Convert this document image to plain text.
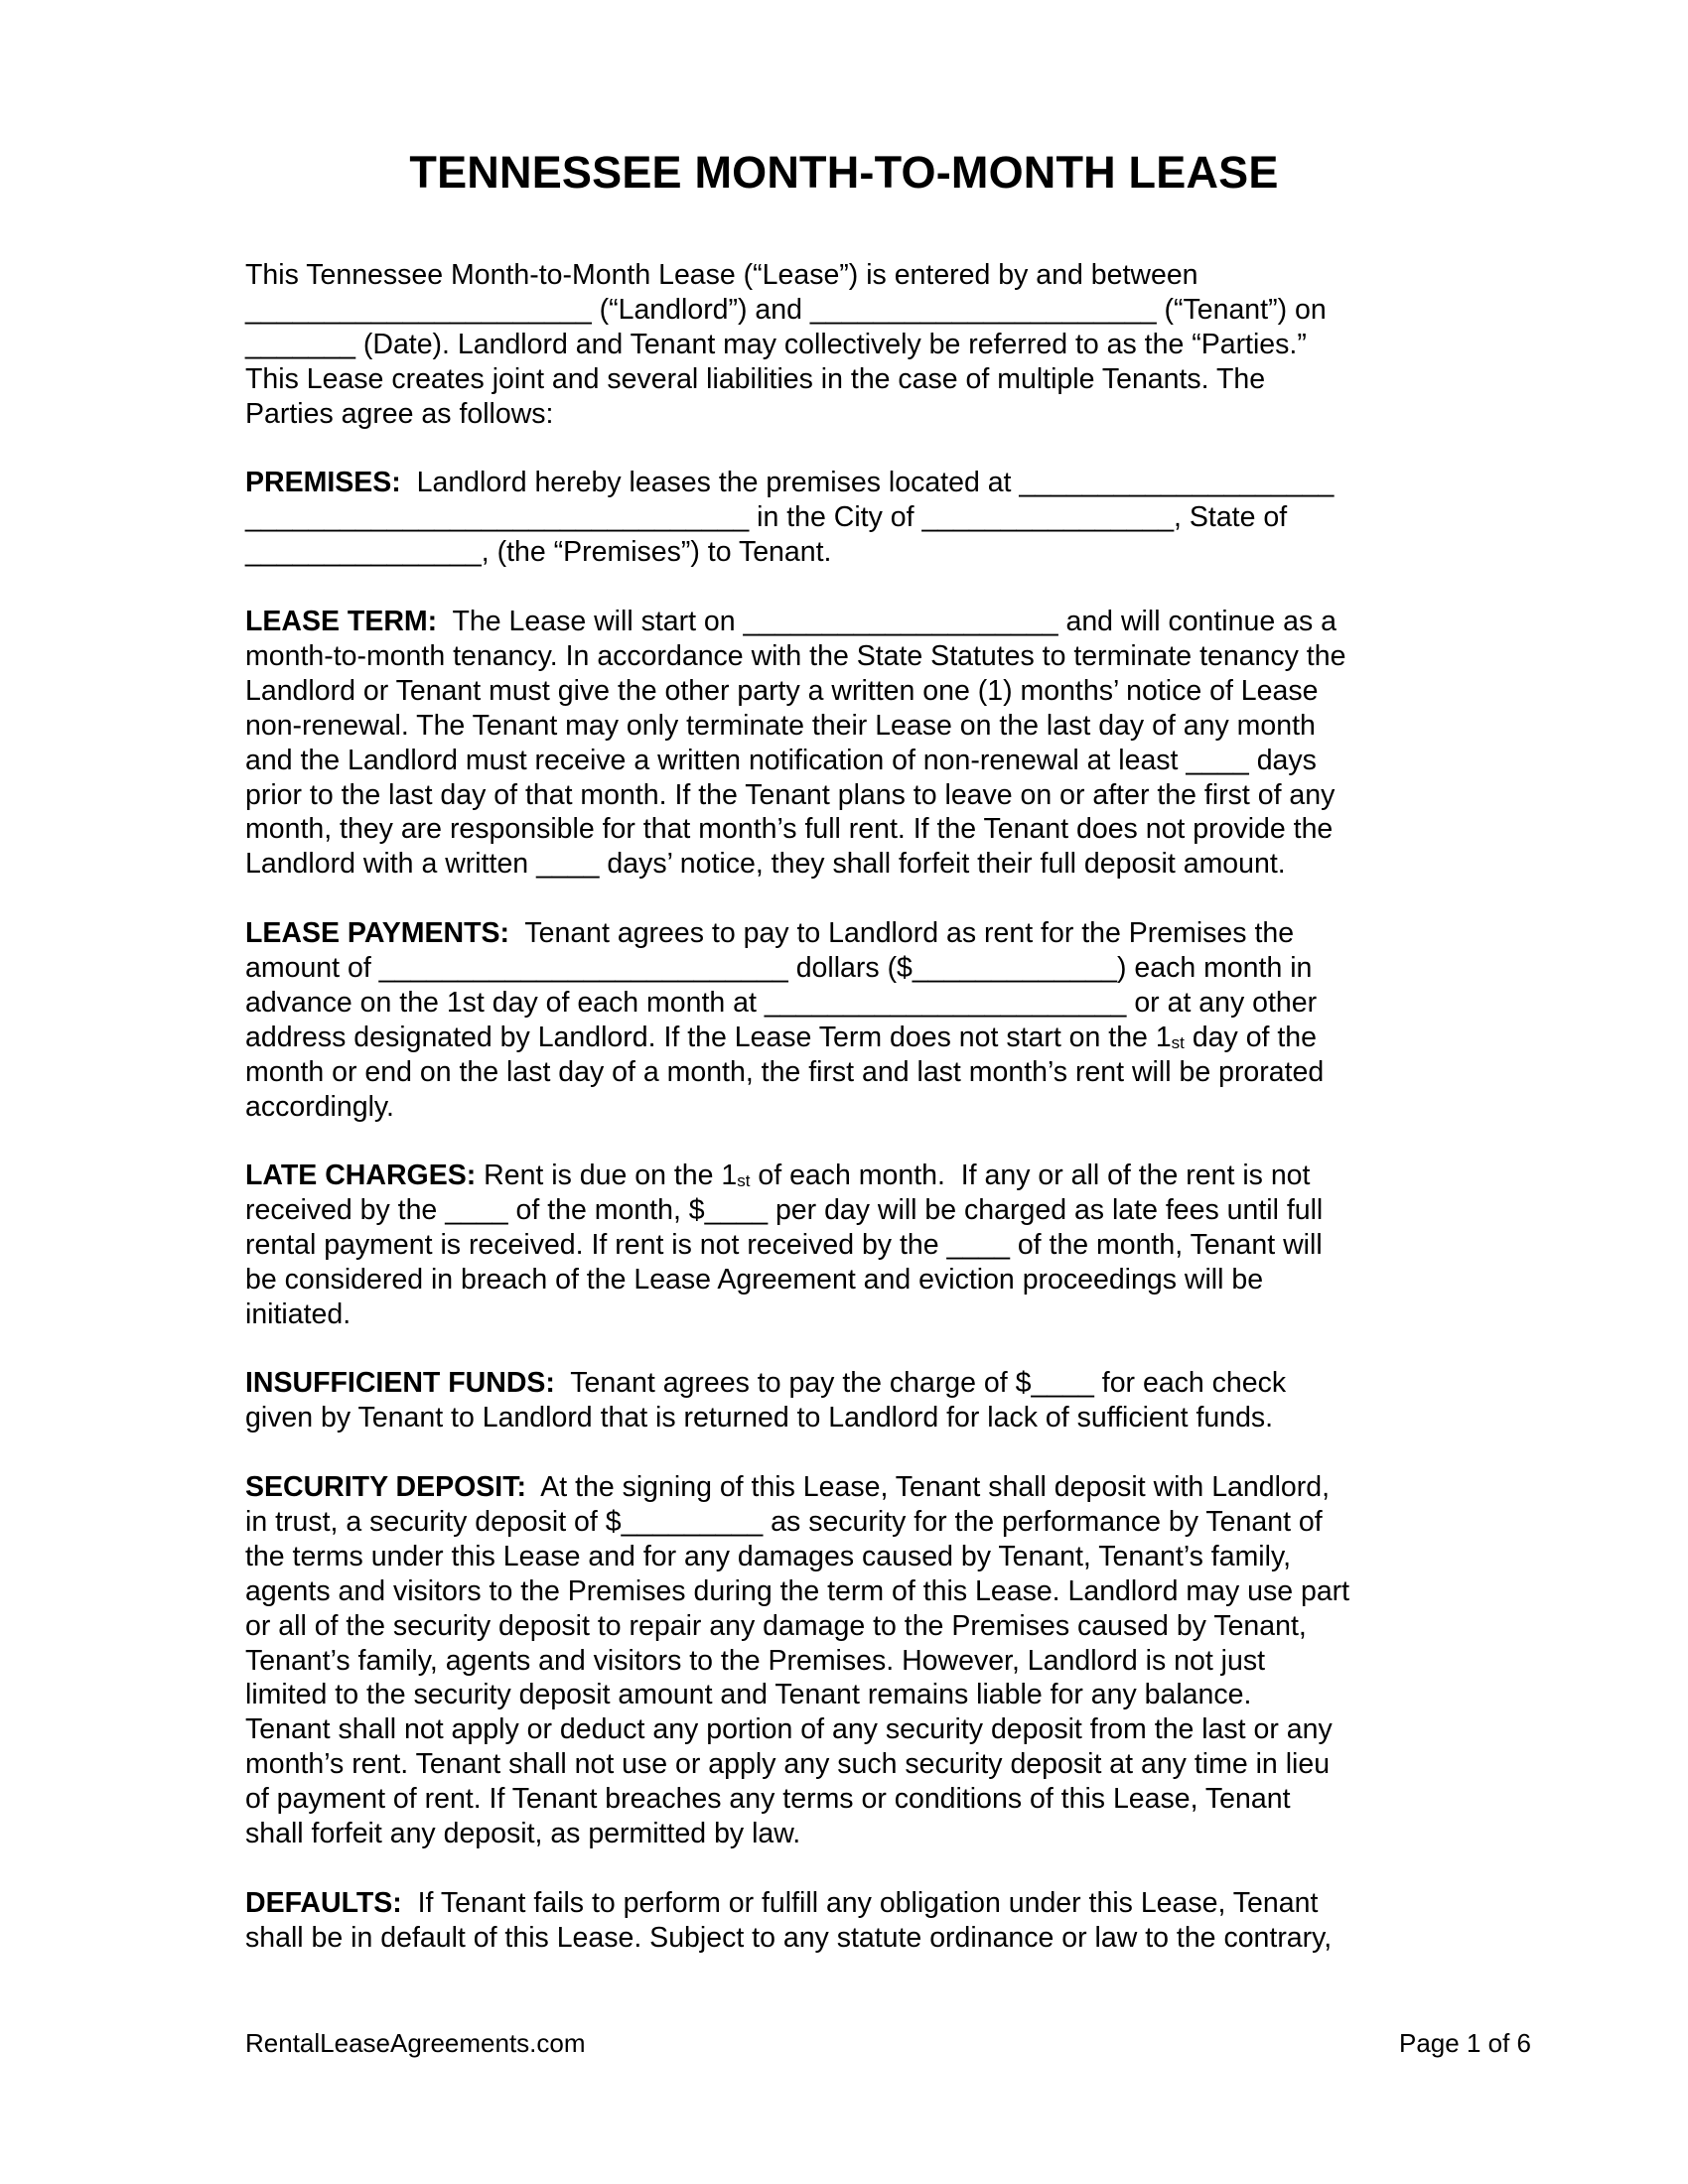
TENNESSEE MONTH-TO-MONTH LEASE
This Tennessee Month-to-Month Lease (“Lease”) is entered by and between
______________________ (“Landlord”) and ______________________ (“Tenant”) on
_______ (Date). Landlord and Tenant may collectively be referred to as the “Parties.”
This Lease creates joint and several liabilities in the case of multiple Tenants. The
Parties agree as follows:
PREMISES:  Landlord hereby leases the premises located at ____________________
________________________________ in the City of ________________, State of
_______________, (the “Premises”) to Tenant.
LEASE TERM:  The Lease will start on ____________________ and will continue as a
month-to-month tenancy. In accordance with the State Statutes to terminate tenancy the
Landlord or Tenant must give the other party a written one (1) months’ notice of Lease
non-renewal. The Tenant may only terminate their Lease on the last day of any month
and the Landlord must receive a written notification of non-renewal at least ____ days
prior to the last day of that month. If the Tenant plans to leave on or after the first of any
month, they are responsible for that month’s full rent. If the Tenant does not provide the
Landlord with a written ____ days’ notice, they shall forfeit their full deposit amount.
LEASE PAYMENTS:  Tenant agrees to pay to Landlord as rent for the Premises the
amount of __________________________ dollars ($_____________) each month in
advance on the 1st day of each month at _______________________ or at any other
address designated by Landlord. If the Lease Term does not start on the $1_{st}$ day of the
month or end on the last day of a month, the first and last month’s rent will be prorated
accordingly.
LATE CHARGES: Rent is due on the $1_{st}$ of each month.  If any or all of the rent is not
received by the ____ of the month, $____ per day will be charged as late fees until full
rental payment is received. If rent is not received by the ____ of the month, Tenant will
be considered in breach of the Lease Agreement and eviction proceedings will be
initiated.
INSUFFICIENT FUNDS:  Tenant agrees to pay the charge of $____ for each check
given by Tenant to Landlord that is returned to Landlord for lack of sufficient funds.
SECURITY DEPOSIT:  At the signing of this Lease, Tenant shall deposit with Landlord,
in trust, a security deposit of $_________ as security for the performance by Tenant of
the terms under this Lease and for any damages caused by Tenant, Tenant’s family,
agents and visitors to the Premises during the term of this Lease. Landlord may use part
or all of the security deposit to repair any damage to the Premises caused by Tenant,
Tenant’s family, agents and visitors to the Premises. However, Landlord is not just
limited to the security deposit amount and Tenant remains liable for any balance.
Tenant shall not apply or deduct any portion of any security deposit from the last or any
month’s rent. Tenant shall not use or apply any such security deposit at any time in lieu
of payment of rent. If Tenant breaches any terms or conditions of this Lease, Tenant
shall forfeit any deposit, as permitted by law.
DEFAULTS:  If Tenant fails to perform or fulfill any obligation under this Lease, Tenant
shall be in default of this Lease. Subject to any statute ordinance or law to the contrary,
RentalLeaseAgreements.com	Page 1 of 6
